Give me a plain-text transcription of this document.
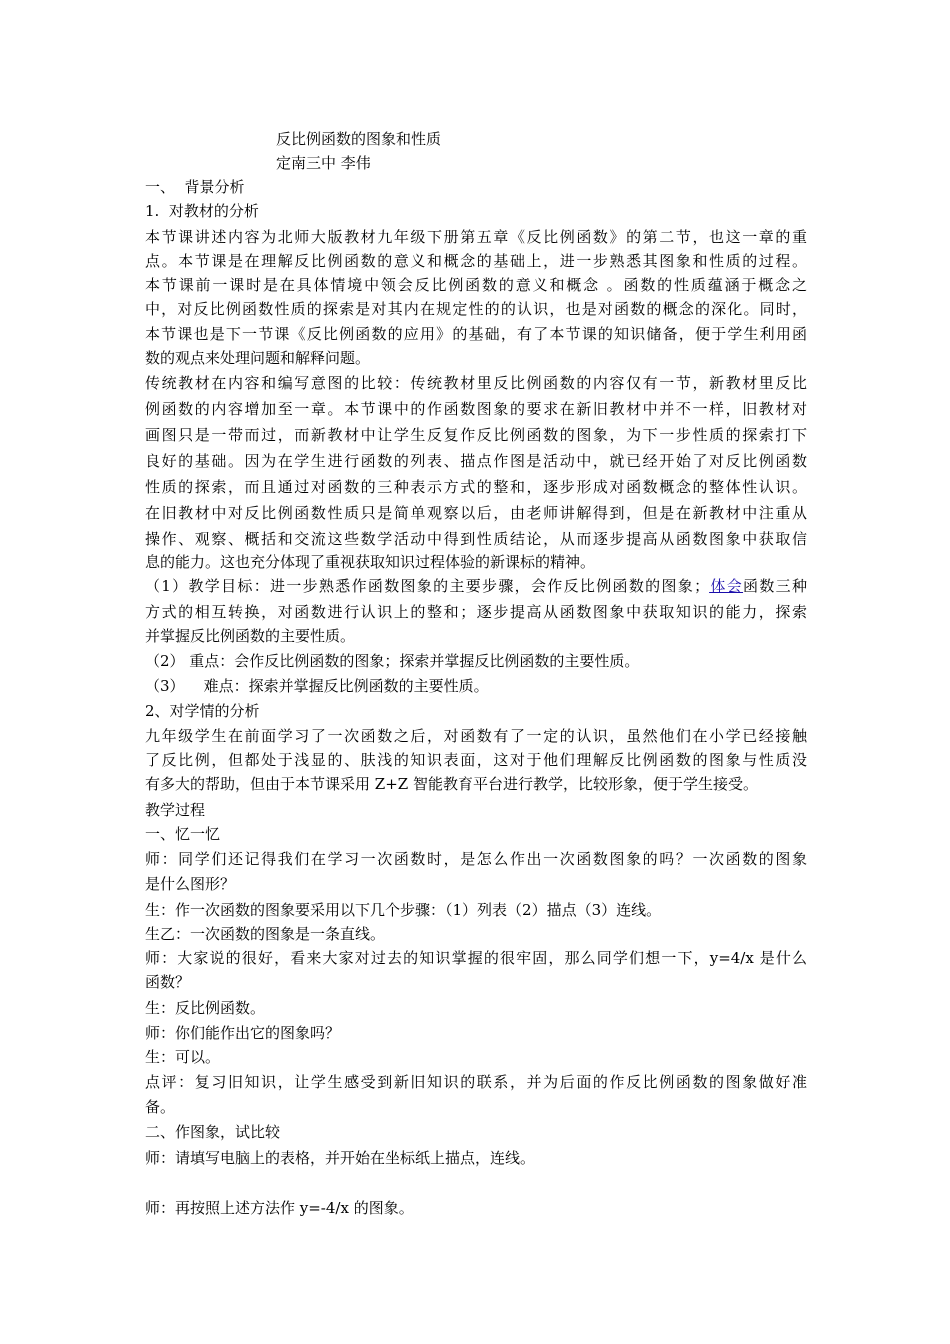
反比例函数的图象和性质
定南三中 李伟
一、  背景分析
1.  对教材的分析
本节课讲述内容为北师大版教材九年级下册第五章《反比例函数》的第二节，也这一章的重
点。本节课是在理解反比例函数的意义和概念的基础上，进一步熟悉其图象和性质的过程。
本节课前一课时是在具体情境中领会反比例函数的意义和概念 。函数的性质蕴涵于概念之
中，对反比例函数性质的探索是对其内在规定性的的认识，也是对函数的概念的深化。同时，
本节课也是下一节课《反比例函数的应用》的基础，有了本节课的知识储备，便于学生利用函
数的观点来处理问题和解释问题。
传统教材在内容和编写意图的比较：传统教材里反比例函数的内容仅有一节，新教材里反比
例函数的内容增加至一章。本节课中的作函数图象的要求在新旧教材中并不一样，旧教材对
画图只是一带而过，而新教材中让学生反复作反比例函数的图象，为下一步性质的探索打下
良好的基础。因为在学生进行函数的列表、描点作图是活动中，就已经开始了对反比例函数
性质的探索，而且通过对函数的三种表示方式的整和，逐步形成对函数概念的整体性认识。
在旧教材中对反比例函数性质只是简单观察以后，由老师讲解得到，但是在新教材中注重从
操作、观察、概括和交流这些数学活动中得到性质结论，从而逐步提高从函数图象中获取信
息的能力。这也充分体现了重视获取知识过程体验的新课标的精神。
（1）教学目标：进一步熟悉作函数图象的主要步骤，会作反比例函数的图象；体会函数三种
方式的相互转换，对函数进行认识上的整和；逐步提高从函数图象中获取知识的能力，探索
并掌握反比例函数的主要性质。
（2） 重点：会作反比例函数的图象；探索并掌握反比例函数的主要性质。
（3）    难点：探索并掌握反比例函数的主要性质。
2、对学情的分析
九年级学生在前面学习了一次函数之后，对函数有了一定的认识，虽然他们在小学已经接触
了反比例，但都处于浅显的、肤浅的知识表面，这对于他们理解反比例函数的图象与性质没
有多大的帮助，但由于本节课采用 Z+Z 智能教育平台进行教学，比较形象，便于学生接受。
教学过程
一、忆一忆
师：同学们还记得我们在学习一次函数时，是怎么作出一次函数图象的吗？一次函数的图象
是什么图形？
生：作一次函数的图象要采用以下几个步骤：（1）列表（2）描点（3）连线。
生乙：一次函数的图象是一条直线。
师：大家说的很好，看来大家对过去的知识掌握的很牢固，那么同学们想一下，y=4/x 是什么
函数？
生：反比例函数。
师：你们能作出它的图象吗？
生：可以。
点评：复习旧知识，让学生感受到新旧知识的联系，并为后面的作反比例函数的图象做好准
备。
二、作图象，试比较
师：请填写电脑上的表格，并开始在坐标纸上描点，连线。
师：再按照上述方法作 y=-4/x 的图象。
